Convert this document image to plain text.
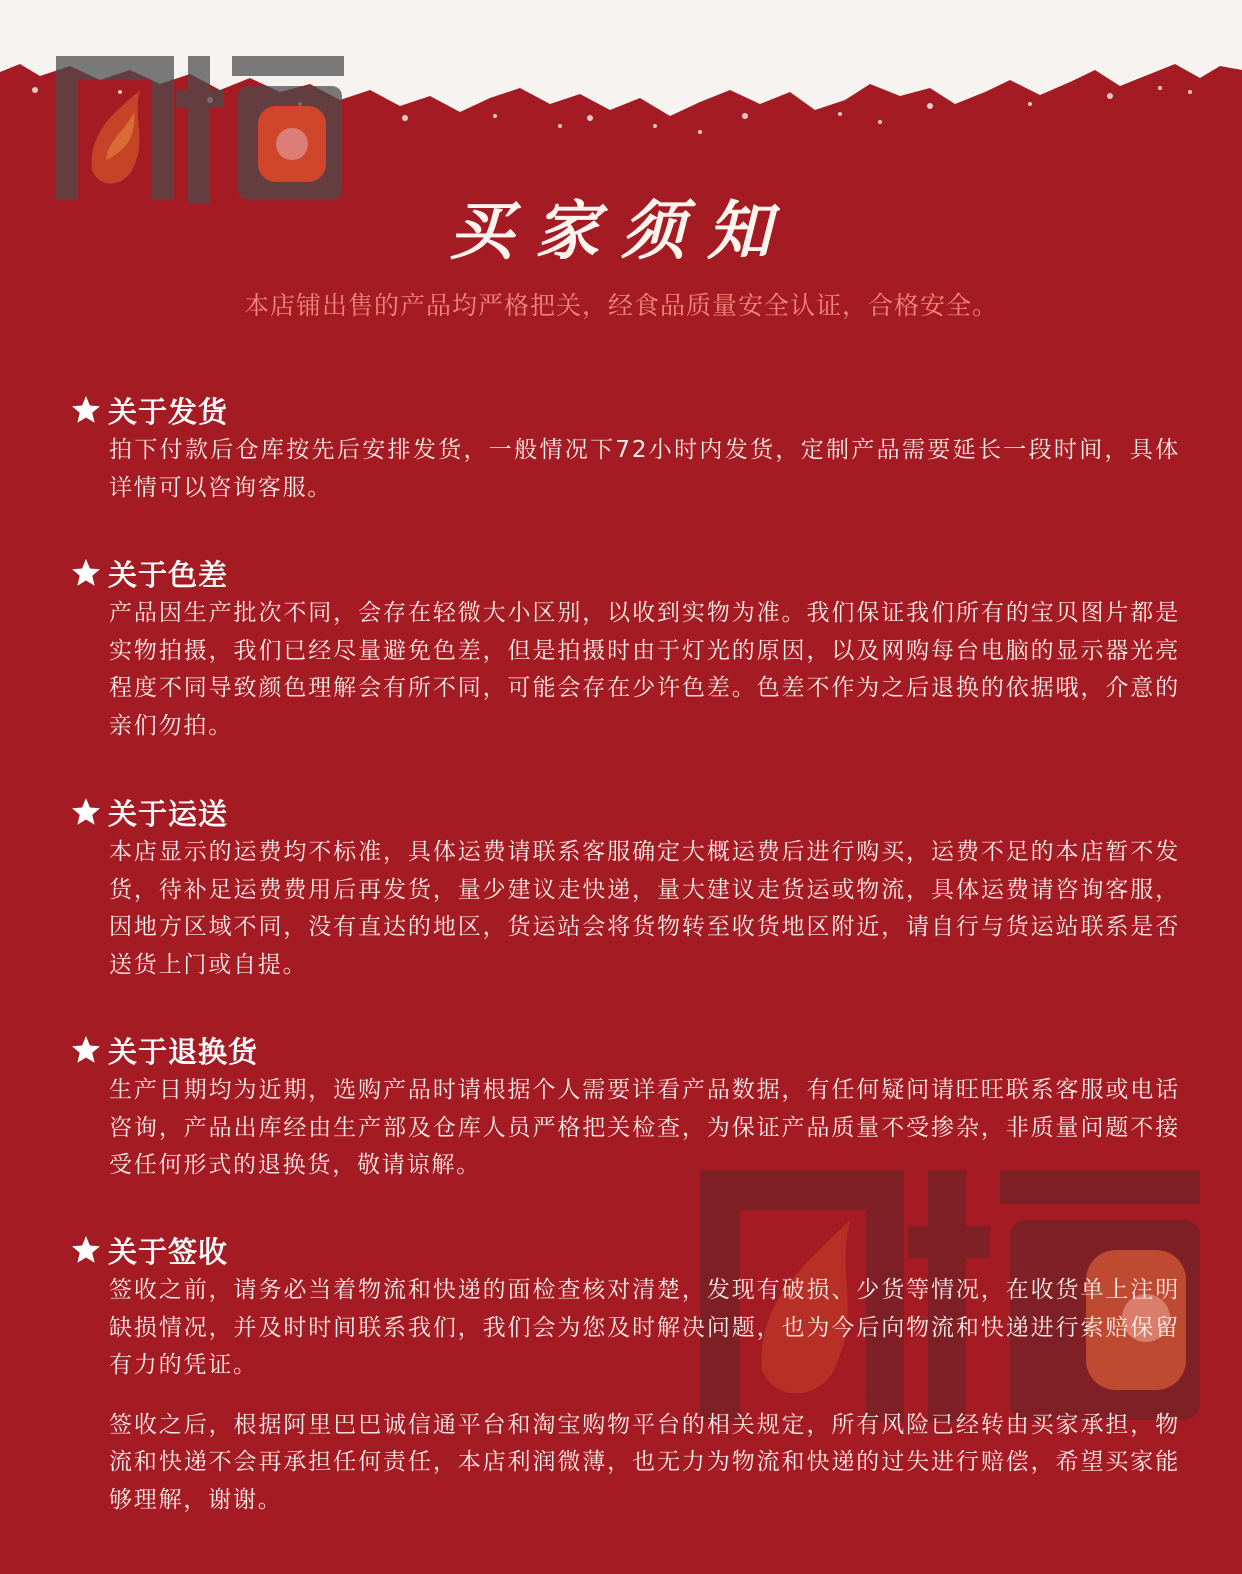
买家须知
本店铺出售的产品均严格把关，经食品质量安全认证，合格安全。
关于发货

拍下付款后仓库按先后安排发货，一般情况下72小时内发货，定制产品需要延长一段时间，具体详情可以咨询客服。

关于色差

产品因生产批次不同，会存在轻微大小区别，以收到实物为准。我们保证我们所有的宝贝图片都是实物拍摄，我们已经尽量避免色差，但是拍摄时由于灯光的原因，以及网购每台电脑的显示器光亮程度不同导致颜色理解会有所不同，可能会存在少许色差。色差不作为之后退换的依据哦，介意的亲们勿拍。

关于运送

本店显示的运费均不标准，具体运费请联系客服确定大概运费后进行购买，运费不足的本店暂不发货，待补足运费费用后再发货，量少建议走快递，量大建议走货运或物流，具体运费请咨询客服，因地方区域不同，没有直达的地区，货运站会将货物转至收货地区附近，请自行与货运站联系是否送货上门或自提。

关于退换货

生产日期均为近期，选购产品时请根据个人需要详看产品数据，有任何疑问请旺旺联系客服或电话咨询，产品出库经由生产部及仓库人员严格把关检查，为保证产品质量不受掺杂，非质量问题不接受任何形式的退换货，敬请谅解。

关于签收

签收之前，请务必当着物流和快递的面检查核对清楚，发现有破损、少货等情况，在收货单上注明缺损情况，并及时时间联系我们，我们会为您及时解决问题，也为今后向物流和快递进行索赔保留有力的凭证。

签收之后，根据阿里巴巴诚信通平台和淘宝购物平台的相关规定，所有风险已经转由买家承担，物流和快递不会再承担任何责任，本店利润微薄，也无力为物流和快递的过失进行赔偿，希望买家能够理解，谢谢。
